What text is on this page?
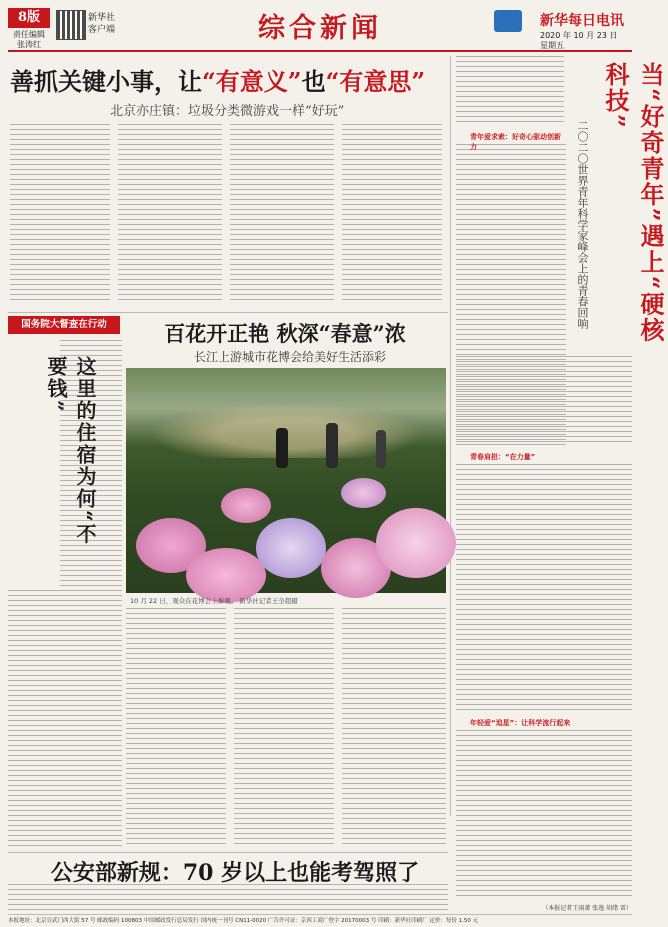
8版
责任编辑
张涛红
新华社
客户端	综合新闻	新华每日电讯
2020 年 10 月 23 日
星期五
善抓关键小事，让“有意义”也“有意思”
北京亦庄镇：垃圾分类微游戏一样“好玩”	当“好奇青年”遇上“硬核科技”
二〇二〇世界青年科学家峰会上的青春回响
青年爱求索：好奇心驱动创新力
青春肩担：“在力量”
年轻爱“追星”：让科学流行起来
（本报记者王雨萧 张逸 胡绪 雷）
百花开正艳 秋深“春意”浓
长江上游城市花博会给美好生活添彩
10 月 22 日，观众在花博会上参观。 新华社记者王全超摄
国务院大督查在行动
这里的住宿为何“不要钱”
公安部新规：70 岁以上也能考驾照了
本报地址：北京宣武门西大街 57 号 邮政编码 100803 中国邮政发行总局发行 国内统一刊号 CN11-0020 广告许可证：京西工商广登字 20170003 号 印刷：新华社印刷厂 定价：每份 1.50 元
